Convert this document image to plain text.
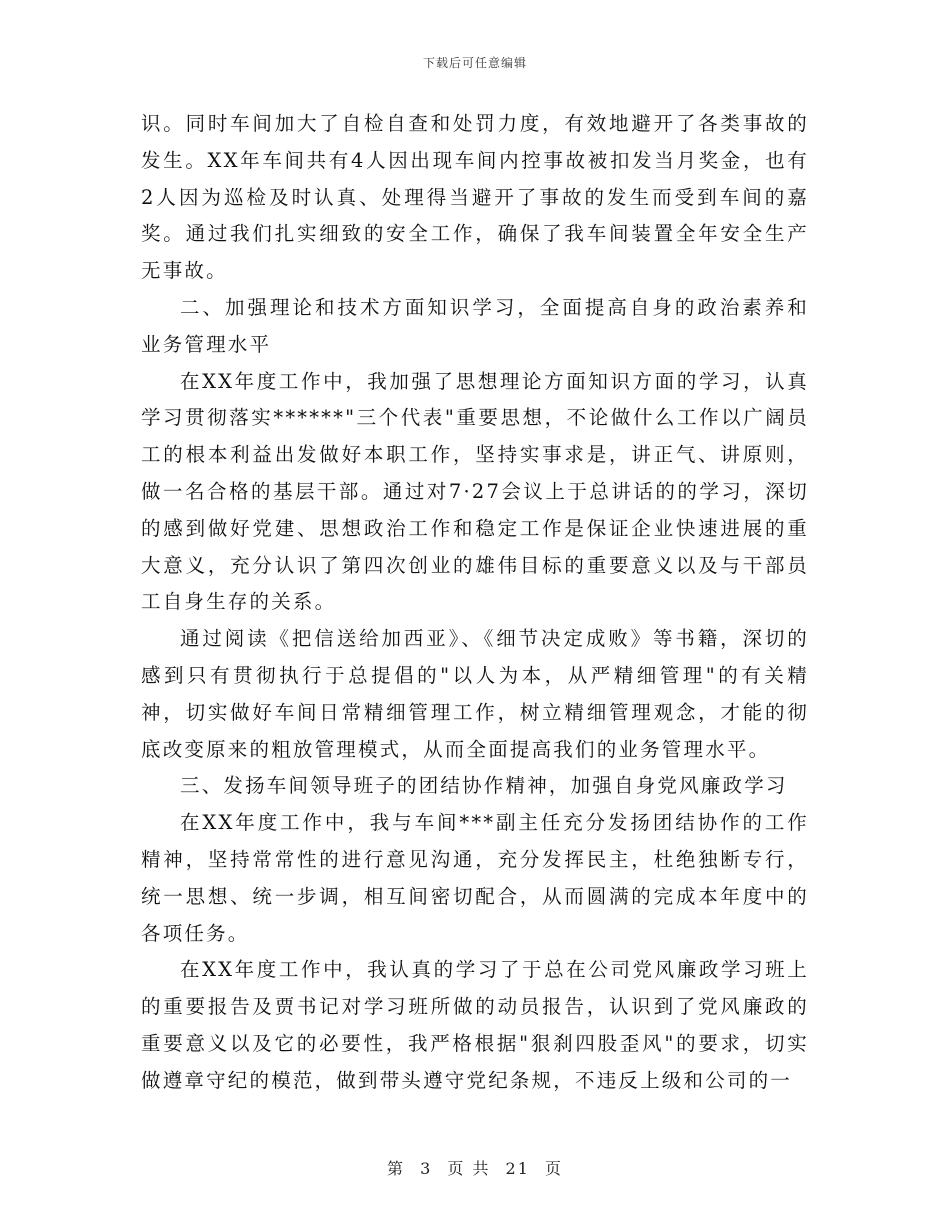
下载后可任意编辑

识。同时车间加大了自检自查和处罚力度，有效地避开了各类事故的发生。XX年车间共有4人因出现车间内控事故被扣发当月奖金，也有2人因为巡检及时认真、处理得当避开了事故的发生而受到车间的嘉奖。通过我们扎实细致的安全工作，确保了我车间装置全年安全生产无事故。

二、加强理论和技术方面知识学习，全面提高自身的政治素养和业务管理水平

在XX年度工作中，我加强了思想理论方面知识方面的学习，认真学习贯彻落实******"三个代表"重要思想，不论做什么工作以广阔员工的根本利益出发做好本职工作，坚持实事求是，讲正气、讲原则，做一名合格的基层干部。通过对7·27会议上于总讲话的的学习，深切的感到做好党建、思想政治工作和稳定工作是保证企业快速进展的重大意义，充分认识了第四次创业的雄伟目标的重要意义以及与干部员工自身生存的关系。

通过阅读《把信送给加西亚》、《细节决定成败》等书籍，深切的感到只有贯彻执行于总提倡的"以人为本，从严精细管理"的有关精神，切实做好车间日常精细管理工作，树立精细管理观念，才能的彻底改变原来的粗放管理模式，从而全面提高我们的业务管理水平。

三、发扬车间领导班子的团结协作精神，加强自身党风廉政学习

在XX年度工作中，我与车间***副主任充分发扬团结协作的工作精神，坚持常常性的进行意见沟通，充分发挥民主，杜绝独断专行，统一思想、统一步调，相互间密切配合，从而圆满的完成本年度中的各项任务。

在XX年度工作中，我认真的学习了于总在公司党风廉政学习班上的重要报告及贾书记对学习班所做的动员报告，认识到了党风廉政的重要意义以及它的必要性，我严格根据"狠刹四股歪风"的要求，切实做遵章守纪的模范，做到带头遵守党纪条规，不违反上级和公司的一

第 3 页 共 21 页
